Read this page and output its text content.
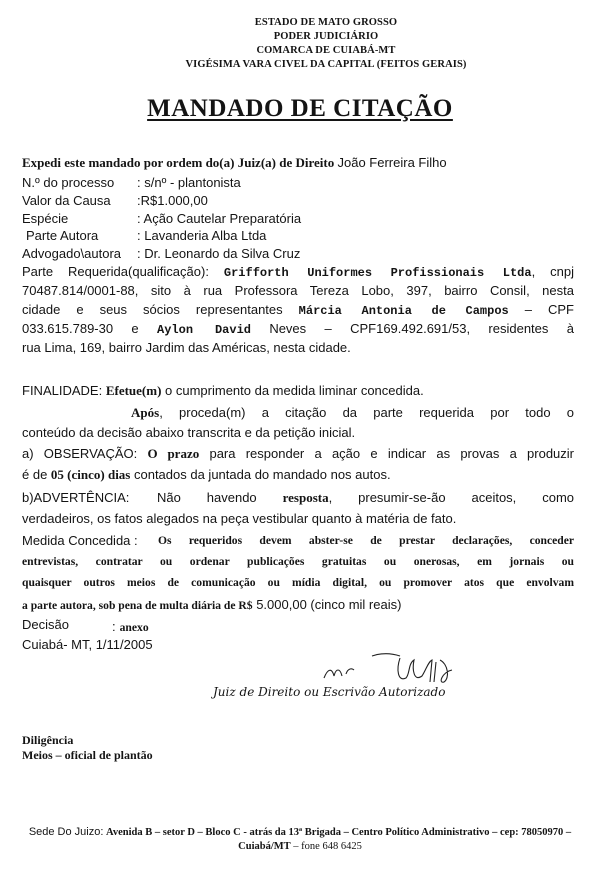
ESTADO DE MATO GROSSO
PODER JUDICIÁRIO
COMARCA DE CUIABÁ-MT
VIGÉSIMA VARA CIVEL DA CAPITAL (FEITOS GERAIS)
MANDADO DE CITAÇÃO
Expedi este mandado por ordem do(a) Juiz(a) de Direito João Ferreira Filho
N.º do processo : s/nº - plantonista
Valor da Causa :R$1.000,00
Espécie	: Ação Cautelar Preparatória
Parte Autora	: Lavanderia Alba Ltda
Advogado\autora : Dr. Leonardo da Silva Cruz
Parte Requerida(qualificação): Grifforth Uniformes Profissionais Ltda, cnpj
70487.814/0001-88, sito à rua Professora Tereza Lobo, 397, bairro Consil, nesta
cidade e seus sócios representantes Márcia Antonia de Campos – CPF
033.615.789-30 e Aylon David Neves – CPF169.492.691/53, residentes à
rua Lima, 169, bairro Jardim das Américas, nesta cidade.
FINALIDADE: Efetue(m) o cumprimento da medida liminar concedida.
Após, proceda(m) a citação da parte requerida por todo o
conteúdo da decisão abaixo transcrita e da petição inicial.
a) OBSERVAÇÃO: O prazo para responder a ação e indicar as provas a produzir
é de 05 (cinco) dias contados da juntada do mandado nos autos.
b)ADVERTÊNCIA: Não havendo resposta, presumir-se-ão aceitos, como
verdadeiros, os fatos alegados na peça vestibular quanto à matéria de fato.
Medida Concedida : Os requeridos devem abster-se de prestar declarações, conceder
entrevistas, contratar ou ordenar publicações gratuitas ou onerosas, em jornais ou
quaisquer outros meios de comunicação ou mídia digital, ou promover atos que envolvam
a parte autora, sob pena de multa diária de R$ 5.000,00 (cinco mil reais)
Decisão	: anexo
Cuiabá- MT, 1/11/2005
Juiz de Direito ou Escrivão Autorizado
Diligência
Meios – oficial de plantão
Sede Do Juizo: Avenida B – setor D – Bloco C - atrás da 13ª Brigada – Centro Político Administrativo – cep: 78050970 –
Cuiabá/MT – fone 648 6425
